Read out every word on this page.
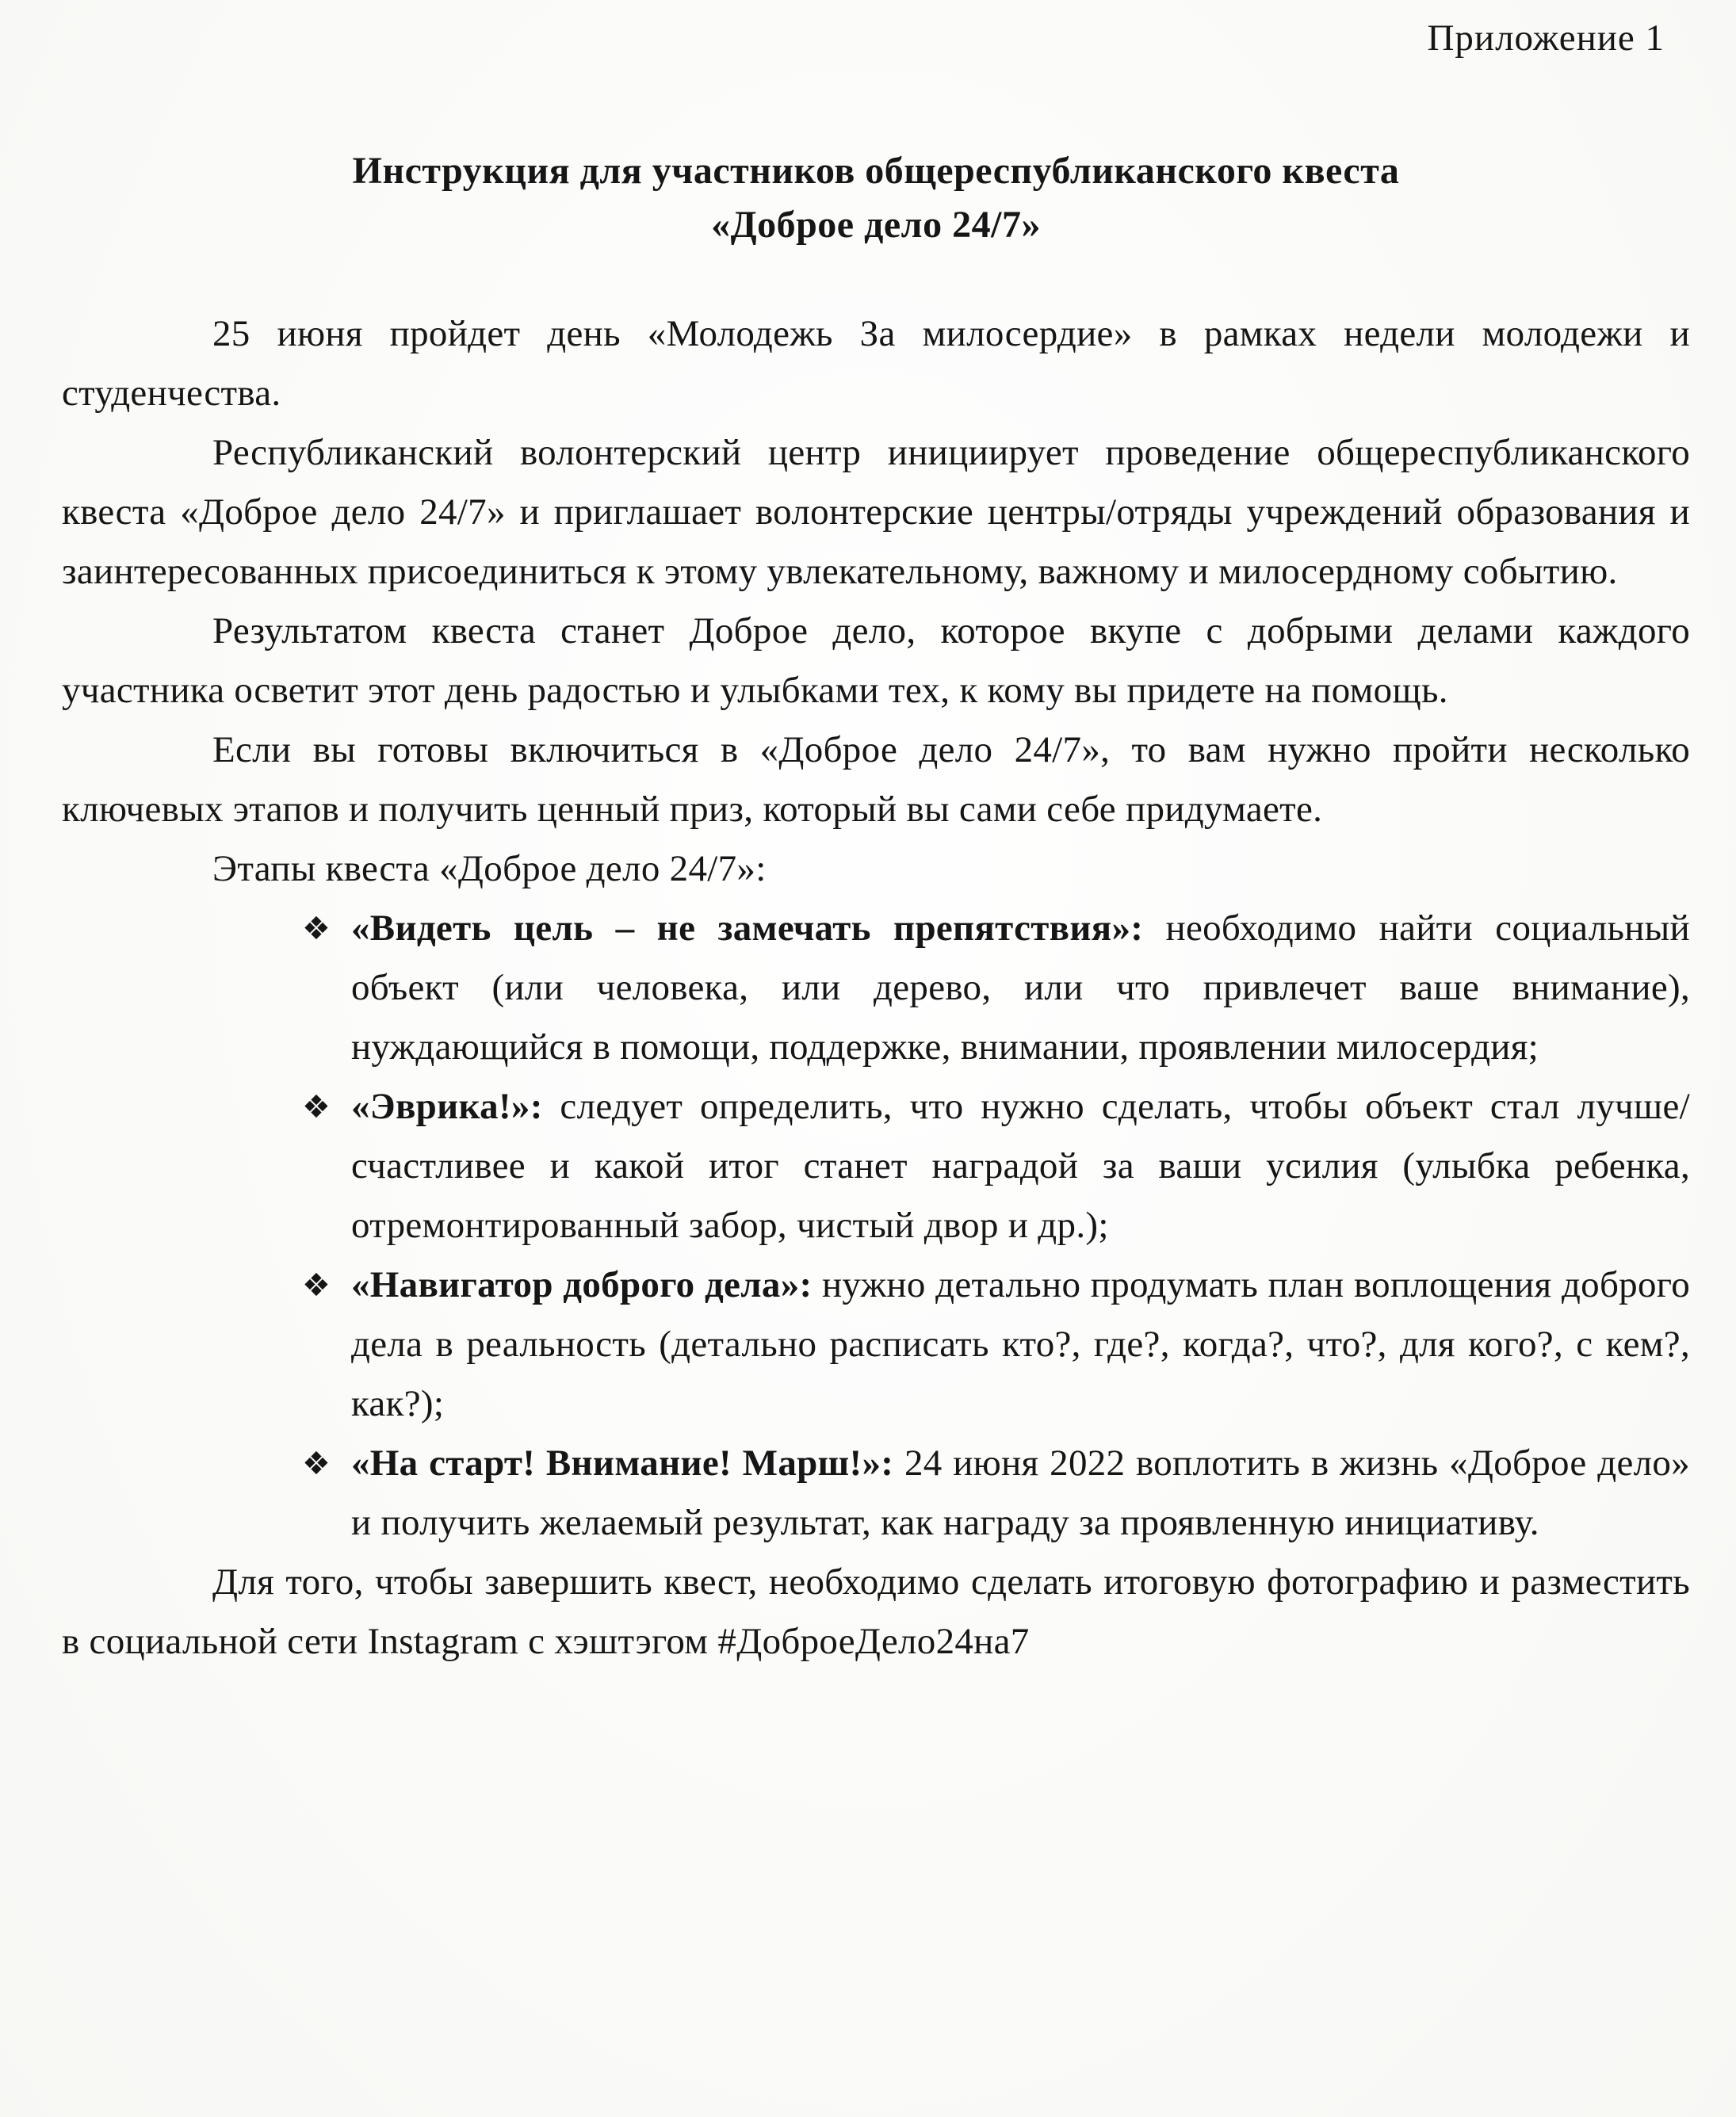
Приложение 1
Инструкция для участников общереспубликанского квеста
«Доброе дело 24/7»

25 июня пройдет день «Молодежь За милосердие» в рамках недели молодежи и студенчества.

Республиканский волонтерский центр инициирует проведение общереспубликанского квеста «Доброе дело 24/7» и приглашает волонтерские центры/отряды учреждений образования и заинтересованных присоединиться к этому увлекательному, важному и милосердному событию.

Результатом квеста станет Доброе дело, которое вкупе с добрыми делами каждого участника осветит этот день радостью и улыбками тех, к кому вы придете на помощь.

Если вы готовы включиться в «Доброе дело 24/7», то вам нужно пройти несколько ключевых этапов и получить ценный приз, который вы сами себе придумаете.

Этапы квеста «Доброе дело 24/7»:

❖ «Видеть цель – не замечать препятствия»: необходимо найти социальный объект (или человека, или дерево, или что привлечет ваше внимание), нуждающийся в помощи, поддержке, внимании, проявлении милосердия;
❖ «Эврика!»: следует определить, что нужно сделать, чтобы объект стал лучше/ счастливее и какой итог станет наградой за ваши усилия (улыбка ребенка, отремонтированный забор, чистый двор и др.);
❖ «Навигатор доброго дела»: нужно детально продумать план воплощения доброго дела в реальность (детально расписать кто?, где?, когда?, что?, для кого?, с кем?, как?);
❖ «На старт! Внимание! Марш!»: 24 июня 2022 воплотить в жизнь «Доброе дело» и получить желаемый результат, как награду за проявленную инициативу.

Для того, чтобы завершить квест, необходимо сделать итоговую фотографию и разместить в социальной сети Instagram с хэштэгом #ДоброеДело24на7
